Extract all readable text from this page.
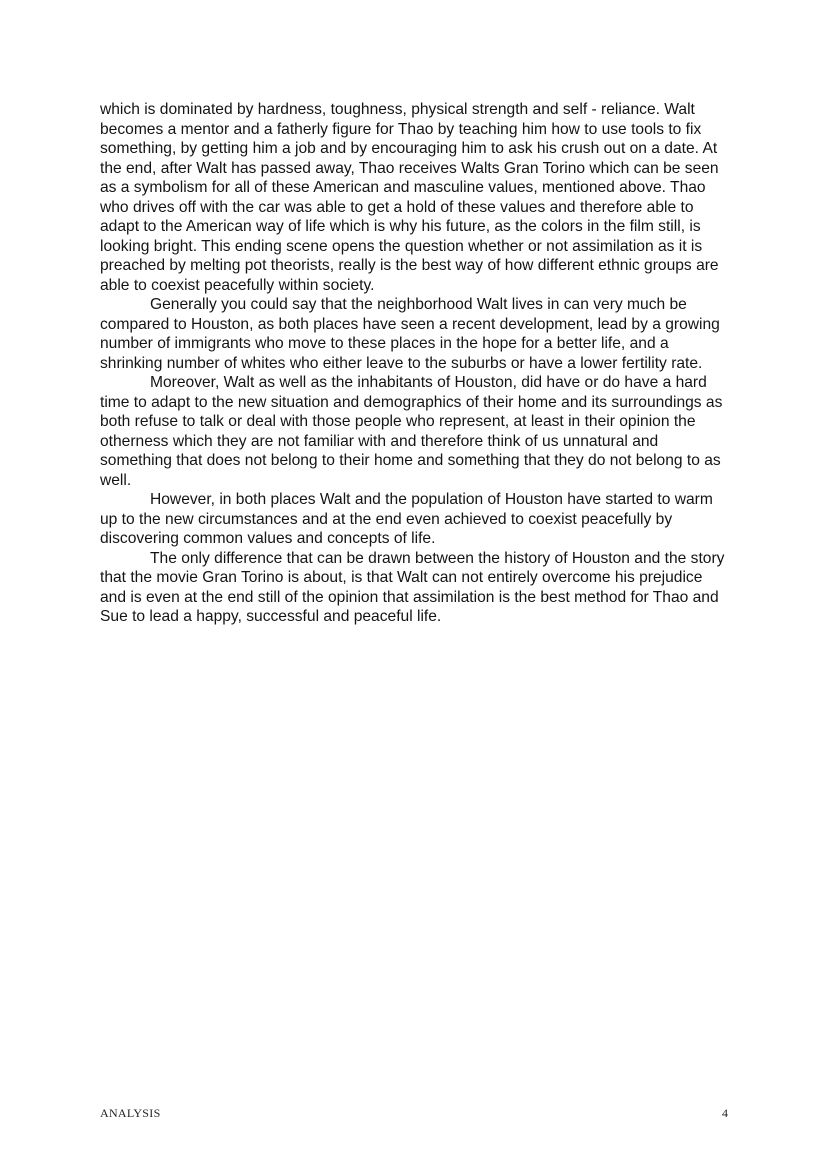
which is dominated by hardness, toughness, physical strength and self - reliance. Walt becomes a mentor and a fatherly figure for Thao by teaching him how to use tools to fix something, by getting him a job and by encouraging him to ask his crush out on a date. At the end, after Walt has passed away, Thao receives Walts Gran Torino which can be seen as a symbolism for all of these American and masculine values, mentioned above. Thao who drives off with the car was able to get a hold of these values and therefore able to adapt to the American way of life which is why his future, as the colors in the film still, is looking bright. This ending scene opens the question whether or not assimilation as it is preached by melting pot theorists, really is the best way of how different ethnic groups are able to coexist peacefully within society.

Generally you could say that the neighborhood Walt lives in can very much be compared to Houston, as both places have seen a recent development, lead by a growing number of immigrants who move to these places in the hope for a better life, and a shrinking number of whites who either leave to the suburbs or have a lower fertility rate.

Moreover, Walt as well as the inhabitants of Houston, did have or do have a hard time to adapt to the new situation and demographics of their home and its surroundings as both refuse to talk or deal with those people who represent, at least in their opinion the otherness which they are not familiar with and therefore think of us unnatural and something that does not belong to their home and something that they do not belong to as well.

However, in both places Walt and the population of Houston have started to warm up to the new circumstances and at the end even achieved to coexist peacefully by discovering common values and concepts of life.

The only difference that can be drawn between the history of Houston and the story that the movie Gran Torino is about, is that Walt can not entirely overcome his prejudice and is even at the end still of the opinion that assimilation is the best method for Thao and Sue to lead a happy, successful and peaceful life.

ANALYSIS	4
